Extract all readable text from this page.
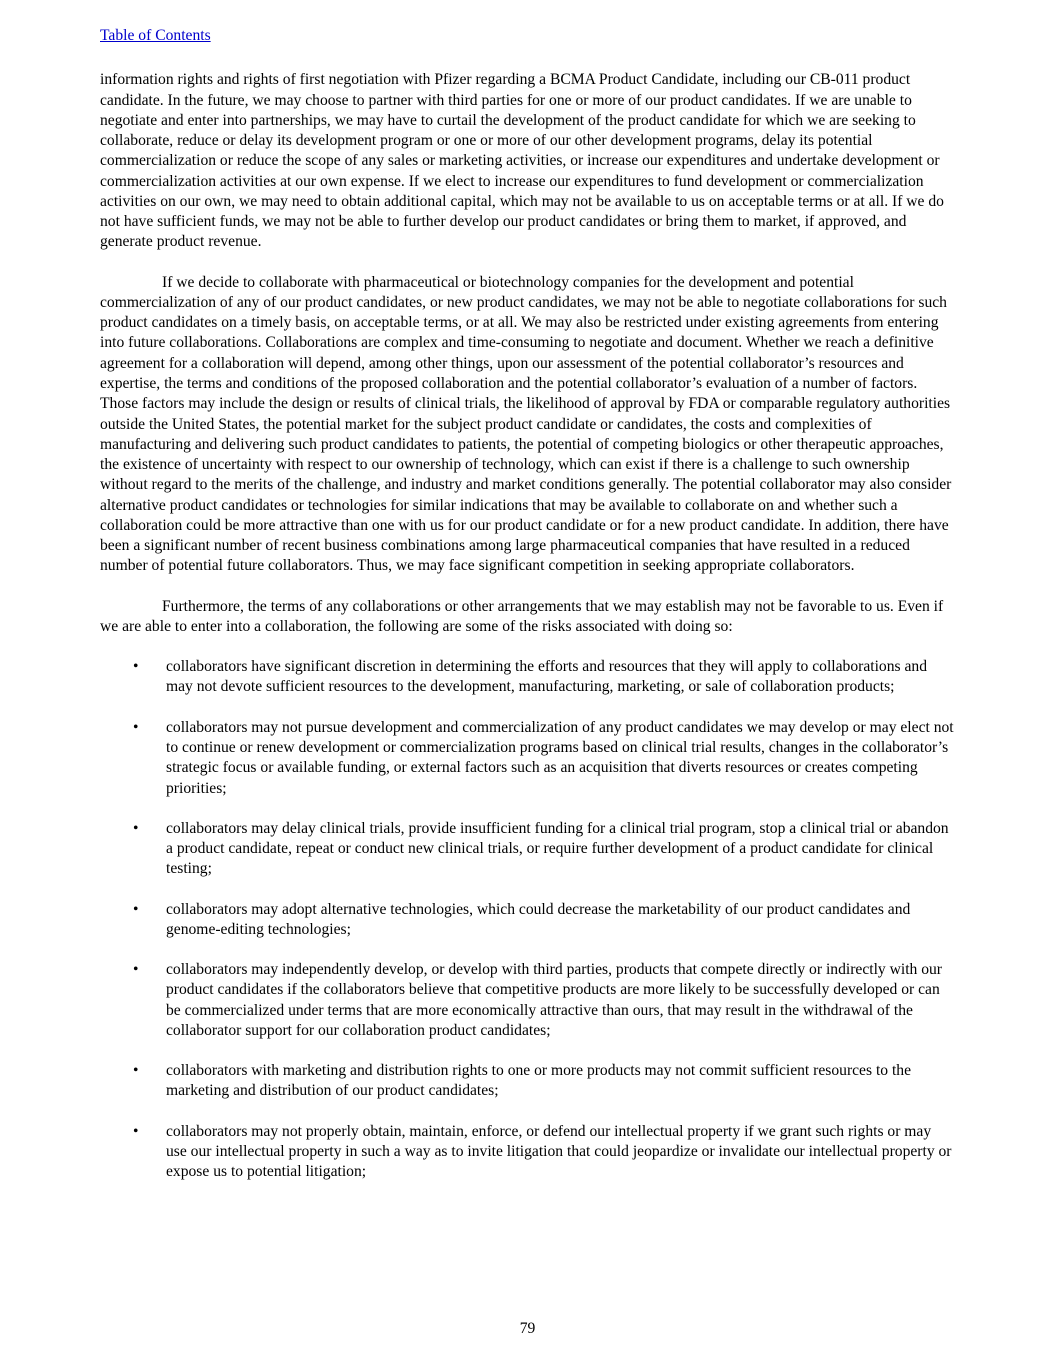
Table of Contents

information rights and rights of first negotiation with Pfizer regarding a BCMA Product Candidate, including our CB-011 product candidate. In the future, we may choose to partner with third parties for one or more of our product candidates. If we are unable to negotiate and enter into partnerships, we may have to curtail the development of the product candidate for which we are seeking to collaborate, reduce or delay its development program or one or more of our other development programs, delay its potential commercialization or reduce the scope of any sales or marketing activities, or increase our expenditures and undertake development or commercialization activities at our own expense. If we elect to increase our expenditures to fund development or commercialization activities on our own, we may need to obtain additional capital, which may not be available to us on acceptable terms or at all. If we do not have sufficient funds, we may not be able to further develop our product candidates or bring them to market, if approved, and generate product revenue.

If we decide to collaborate with pharmaceutical or biotechnology companies for the development and potential commercialization of any of our product candidates, or new product candidates, we may not be able to negotiate collaborations for such product candidates on a timely basis, on acceptable terms, or at all. We may also be restricted under existing agreements from entering into future collaborations. Collaborations are complex and time-consuming to negotiate and document. Whether we reach a definitive agreement for a collaboration will depend, among other things, upon our assessment of the potential collaborator’s resources and expertise, the terms and conditions of the proposed collaboration and the potential collaborator’s evaluation of a number of factors. Those factors may include the design or results of clinical trials, the likelihood of approval by FDA or comparable regulatory authorities outside the United States, the potential market for the subject product candidate or candidates, the costs and complexities of manufacturing and delivering such product candidates to patients, the potential of competing biologics or other therapeutic approaches, the existence of uncertainty with respect to our ownership of technology, which can exist if there is a challenge to such ownership without regard to the merits of the challenge, and industry and market conditions generally. The potential collaborator may also consider alternative product candidates or technologies for similar indications that may be available to collaborate on and whether such a collaboration could be more attractive than one with us for our product candidate or for a new product candidate. In addition, there have been a significant number of recent business combinations among large pharmaceutical companies that have resulted in a reduced number of potential future collaborators. Thus, we may face significant competition in seeking appropriate collaborators.

Furthermore, the terms of any collaborations or other arrangements that we may establish may not be favorable to us. Even if we are able to enter into a collaboration, the following are some of the risks associated with doing so:

• collaborators have significant discretion in determining the efforts and resources that they will apply to collaborations and may not devote sufficient resources to the development, manufacturing, marketing, or sale of collaboration products;
• collaborators may not pursue development and commercialization of any product candidates we may develop or may elect not to continue or renew development or commercialization programs based on clinical trial results, changes in the collaborator’s strategic focus or available funding, or external factors such as an acquisition that diverts resources or creates competing priorities;
• collaborators may delay clinical trials, provide insufficient funding for a clinical trial program, stop a clinical trial or abandon a product candidate, repeat or conduct new clinical trials, or require further development of a product candidate for clinical testing;
• collaborators may adopt alternative technologies, which could decrease the marketability of our product candidates and genome-editing technologies;
• collaborators may independently develop, or develop with third parties, products that compete directly or indirectly with our product candidates if the collaborators believe that competitive products are more likely to be successfully developed or can be commercialized under terms that are more economically attractive than ours, that may result in the withdrawal of the collaborator support for our collaboration product candidates;
• collaborators with marketing and distribution rights to one or more products may not commit sufficient resources to the marketing and distribution of our product candidates;
• collaborators may not properly obtain, maintain, enforce, or defend our intellectual property if we grant such rights or may use our intellectual property in such a way as to invite litigation that could jeopardize or invalidate our intellectual property or expose us to potential litigation;
79
